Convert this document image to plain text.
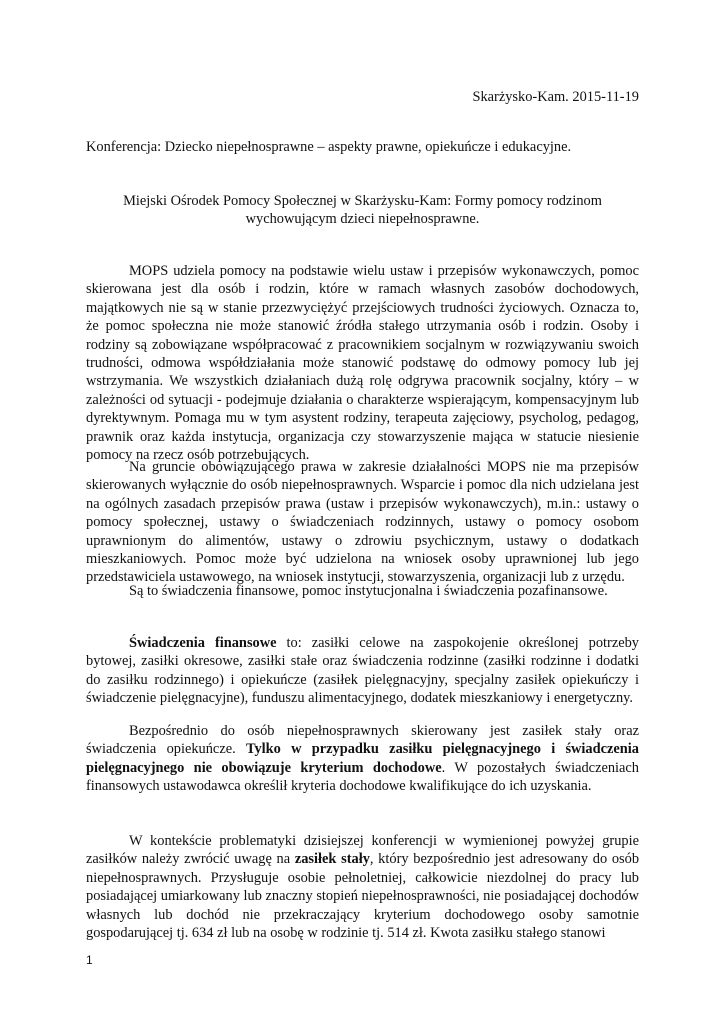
Skarżysko-Kam. 2015-11-19
Konferencja: Dziecko niepełnosprawne – aspekty prawne, opiekuńcze i edukacyjne.
Miejski Ośrodek Pomocy Społecznej w Skarżysku-Kam: Formy pomocy rodzinom
wychowującym dzieci niepełnosprawne.

MOPS udziela pomocy na podstawie wielu ustaw i przepisów wykonawczych, pomoc skierowana jest dla osób i rodzin, które w ramach własnych zasobów dochodowych, majątkowych nie są w stanie przezwyciężyć przejściowych trudności życiowych. Oznacza to, że pomoc społeczna nie może stanowić źródła stałego utrzymania osób i rodzin. Osoby i rodziny są zobowiązane współpracować z pracownikiem socjalnym w rozwiązywaniu swoich trudności, odmowa współdziałania może stanowić podstawę do odmowy pomocy lub jej wstrzymania. We wszystkich działaniach dużą rolę odgrywa pracownik socjalny, który – w zależności od sytuacji - podejmuje działania o charakterze wspierającym, kompensacyjnym lub dyrektywnym. Pomaga mu w tym asystent rodziny, terapeuta zajęciowy, psycholog, pedagog, prawnik oraz każda instytucja, organizacja czy stowarzyszenie mająca w statucie niesienie pomocy na rzecz osób potrzebujących.

Na gruncie obowiązującego prawa w zakresie działalności MOPS nie ma przepisów skierowanych wyłącznie do osób niepełnosprawnych. Wsparcie i pomoc dla nich udzielana jest na ogólnych zasadach przepisów prawa (ustaw i przepisów wykonawczych), m.in.: ustawy o pomocy społecznej, ustawy o świadczeniach rodzinnych, ustawy o pomocy osobom uprawnionym do alimentów, ustawy o zdrowiu psychicznym, ustawy o dodatkach mieszkaniowych. Pomoc może być udzielona na wniosek osoby uprawnionej lub jego przedstawiciela ustawowego, na wniosek instytucji, stowarzyszenia, organizacji lub z urzędu.

Są to świadczenia finansowe, pomoc instytucjonalna i świadczenia pozafinansowe.

Świadczenia finansowe to: zasiłki celowe na zaspokojenie określonej potrzeby bytowej, zasiłki okresowe, zasiłki stałe oraz świadczenia rodzinne (zasiłki rodzinne i dodatki do zasiłku rodzinnego) i opiekuńcze (zasiłek pielęgnacyjny, specjalny zasiłek opiekuńczy i świadczenie pielęgnacyjne), funduszu alimentacyjnego, dodatek mieszkaniowy i energetyczny.

Bezpośrednio do osób niepełnosprawnych skierowany jest zasiłek stały oraz świadczenia opiekuńcze. Tylko w przypadku zasiłku pielęgnacyjnego i świadczenia pielęgnacyjnego nie obowiązuje kryterium dochodowe. W pozostałych świadczeniach finansowych ustawodawca określił kryteria dochodowe kwalifikujące do ich uzyskania.

W kontekście problematyki dzisiejszej konferencji w wymienionej powyżej grupie zasiłków należy zwrócić uwagę na zasiłek stały, który bezpośrednio jest adresowany do osób niepełnosprawnych. Przysługuje osobie pełnoletniej, całkowicie niezdolnej do pracy lub posiadającej umiarkowany lub znaczny stopień niepełnosprawności, nie posiadającej dochodów własnych lub dochód nie przekraczający kryterium dochodowego osoby samotnie gospodarującej tj. 634 zł lub na osobę w rodzinie tj. 514 zł. Kwota zasiłku stałego stanowi

1
